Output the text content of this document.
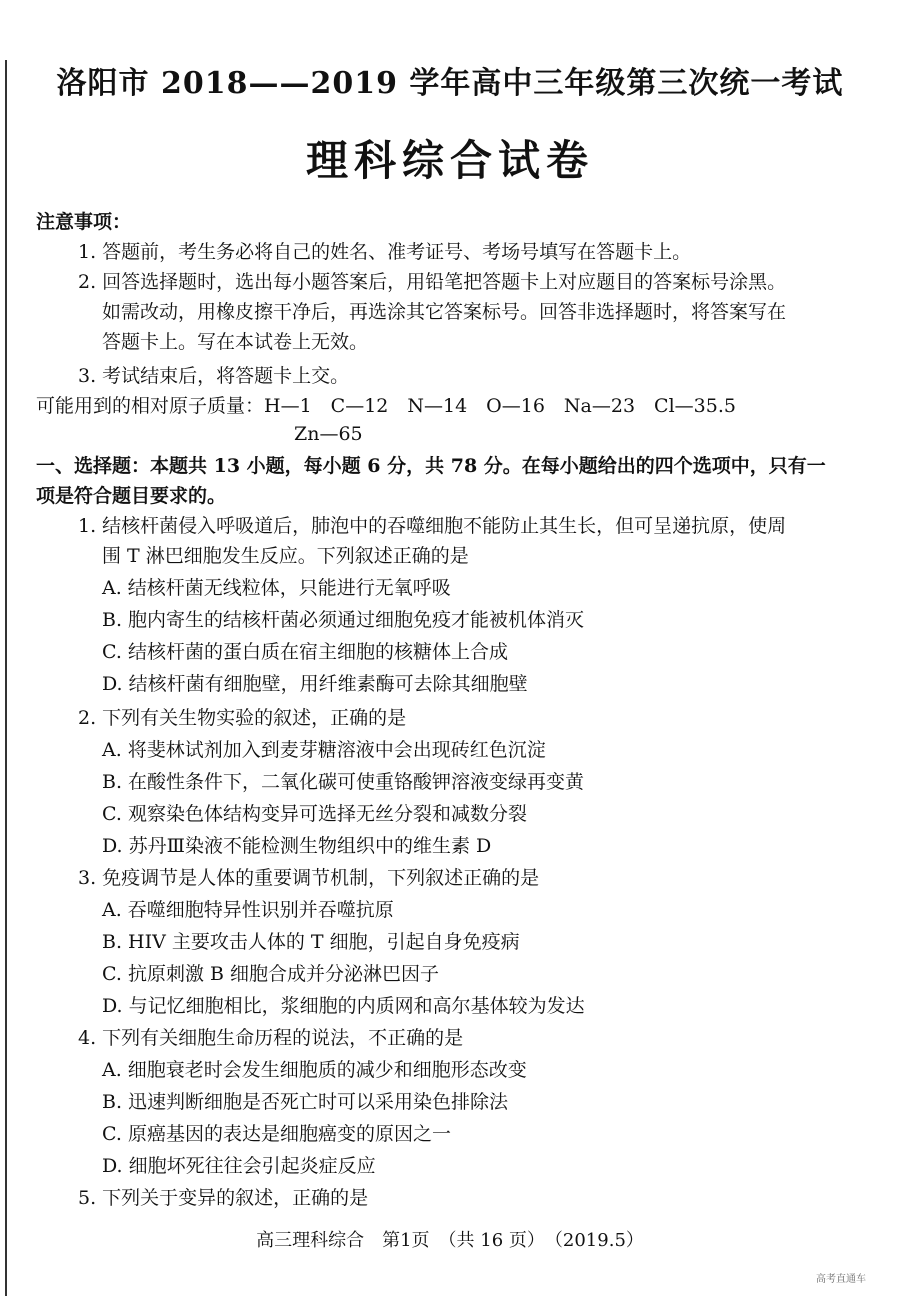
洛阳市 2018——2019 学年高中三年级第三次统一考试
理科综合试卷
注意事项：
1. 答题前，考生务必将自己的姓名、准考证号、考场号填写在答题卡上。
2. 回答选择题时，选出每小题答案后，用铅笔把答题卡上对应题目的答案标号涂黑。
如需改动，用橡皮擦干净后，再选涂其它答案标号。回答非选择题时，将答案写在
答题卡上。写在本试卷上无效。
3. 考试结束后，将答题卡上交。
可能用到的相对原子质量：H—1　C—12　N—14　O—16　Na—23　Cl—35.5
Zn—65
一、选择题：本题共 13 小题，每小题 6 分，共 78 分。在每小题给出的四个选项中，只有一
项是符合题目要求的。
1. 结核杆菌侵入呼吸道后，肺泡中的吞噬细胞不能防止其生长，但可呈递抗原，使周
围 T 淋巴细胞发生反应。下列叙述正确的是
A. 结核杆菌无线粒体，只能进行无氧呼吸
B. 胞内寄生的结核杆菌必须通过细胞免疫才能被机体消灭
C. 结核杆菌的蛋白质在宿主细胞的核糖体上合成
D. 结核杆菌有细胞壁，用纤维素酶可去除其细胞壁
2. 下列有关生物实验的叙述，正确的是
A. 将斐林试剂加入到麦芽糖溶液中会出现砖红色沉淀
B. 在酸性条件下，二氧化碳可使重铬酸钾溶液变绿再变黄
C. 观察染色体结构变异可选择无丝分裂和减数分裂
D. 苏丹Ⅲ染液不能检测生物组织中的维生素 D
3. 免疫调节是人体的重要调节机制，下列叙述正确的是
A. 吞噬细胞特异性识别并吞噬抗原
B. HIV 主要攻击人体的 T 细胞，引起自身免疫病
C. 抗原刺激 B 细胞合成并分泌淋巴因子
D. 与记忆细胞相比，浆细胞的内质网和高尔基体较为发达
4. 下列有关细胞生命历程的说法，不正确的是
A. 细胞衰老时会发生细胞质的减少和细胞形态改变
B. 迅速判断细胞是否死亡时可以采用染色排除法
C. 原癌基因的表达是细胞癌变的原因之一
D. 细胞坏死往往会引起炎症反应
5. 下列关于变异的叙述，正确的是
高三理科综合　第1页　（共 16 页）　（2019.5）
高考直通车
